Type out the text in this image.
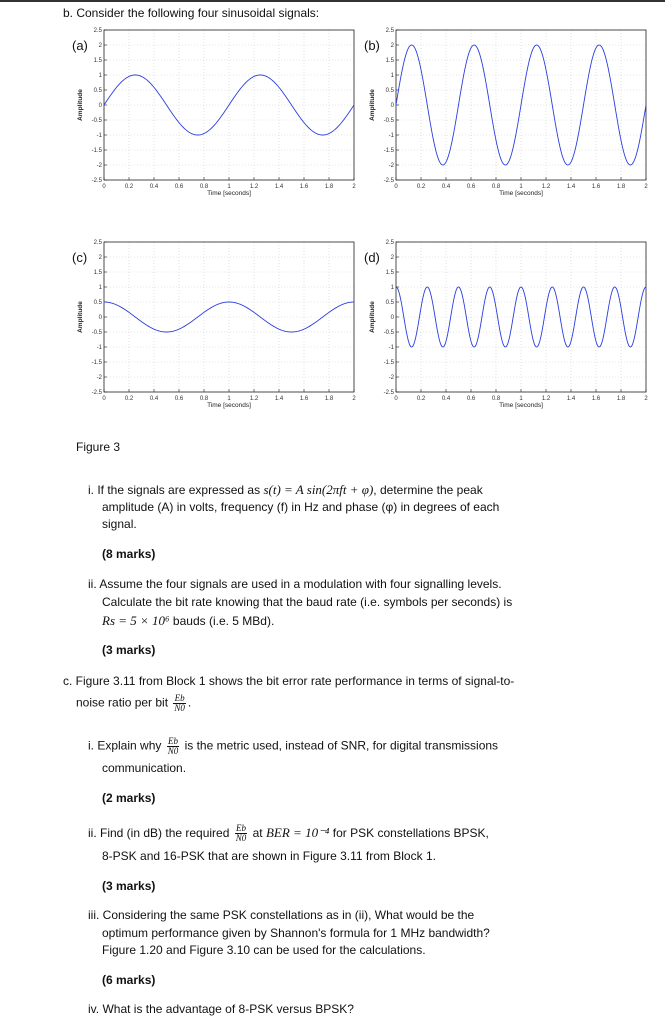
b. Consider the following four sinusoidal signals:
0	0.2	0.4	0.6	0.8	1	1.2	1.4	1.6	1.8	2
2.5
2
1.5
1
0.5
0
-0.5
-1
-1.5
-2
-2.5
Time [seconds]
Amplitude
(a)
0	0.2	0.4	0.6	0.8	1	1.2	1.4	1.6	1.8	2
2.5
2
1.5
1
0.5
0
-0.5
-1
-1.5
-2
-2.5
Time [seconds]
Amplitude
(b)
0	0.2	0.4	0.6	0.8	1	1.2	1.4	1.6	1.8	2
2.5
2
1.5
1
0.5
0
-0.5
-1
-1.5
-2
-2.5
Time [seconds]
Amplitude
(c)
0	0.2	0.4	0.6	0.8	1	1.2	1.4	1.6	1.8	2
2.5
2
1.5
1
0.5
0
-0.5
-1
-1.5
-2
-2.5
Time [seconds]
Amplitude
(d)
Figure 3
i. If the signals are expressed as s(t) = A sin(2πft + φ), determine the peak
amplitude (A) in volts, frequency (f) in Hz and phase (φ) in degrees of each
signal.
(8 marks)
ii. Assume the four signals are used in a modulation with four signalling levels.
Calculate the bit rate knowing that the baud rate (i.e. symbols per seconds) is
Rs = 5 × 10⁶ bauds (i.e. 5 MBd).
(3 marks)
c. Figure 3.11 from Block 1 shows the bit error rate performance in terms of signal-to-
noise ratio per bit $\frac{Eb}{N0}$ .
i. Explain why $\frac{Eb}{N0}$ is the metric used, instead of SNR, for digital transmissions
communication.
(2 marks)
ii. Find (in dB) the required $\frac{Eb}{N0}$ at BER = 10⁻⁴ for PSK constellations BPSK,
8-PSK and 16-PSK that are shown in Figure 3.11 from Block 1.
(3 marks)
iii. Considering the same PSK constellations as in (ii), What would be the
optimum performance given by Shannon's formula for 1 MHz bandwidth?
Figure 1.20 and Figure 3.10 can be used for the calculations.
(6 marks)
iv. What is the advantage of 8-PSK versus BPSK?
